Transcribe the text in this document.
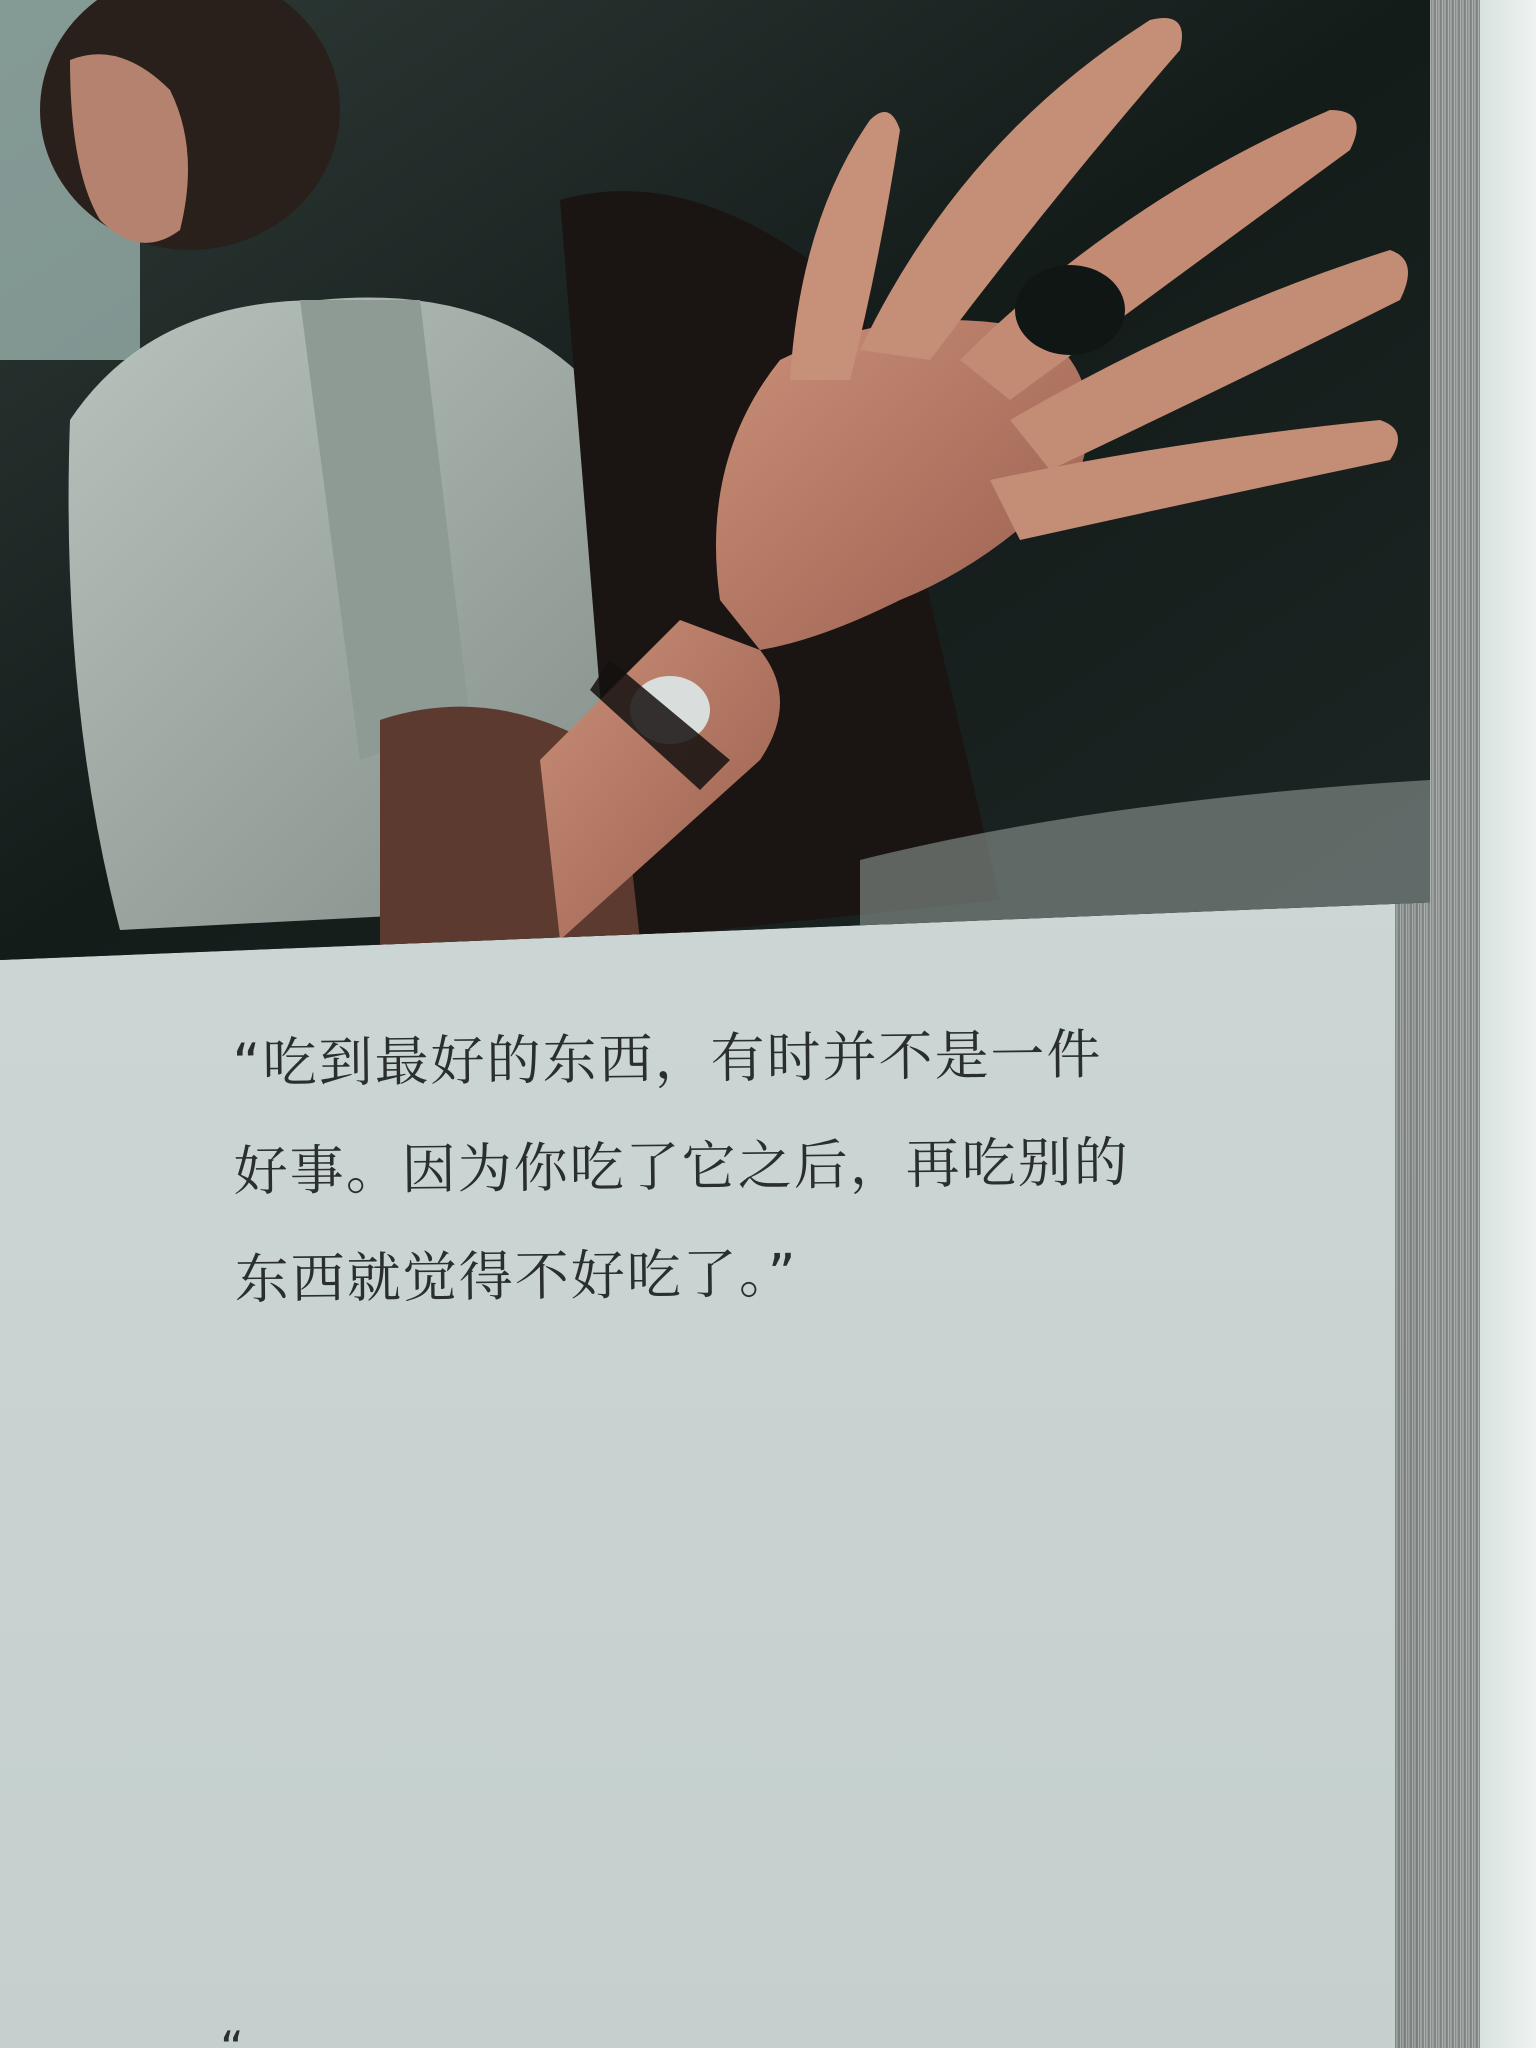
“吃到最好的东西，有时并不是一件
好事。因为你吃了它之后，再吃别的
东西就觉得不好吃了。”
“
